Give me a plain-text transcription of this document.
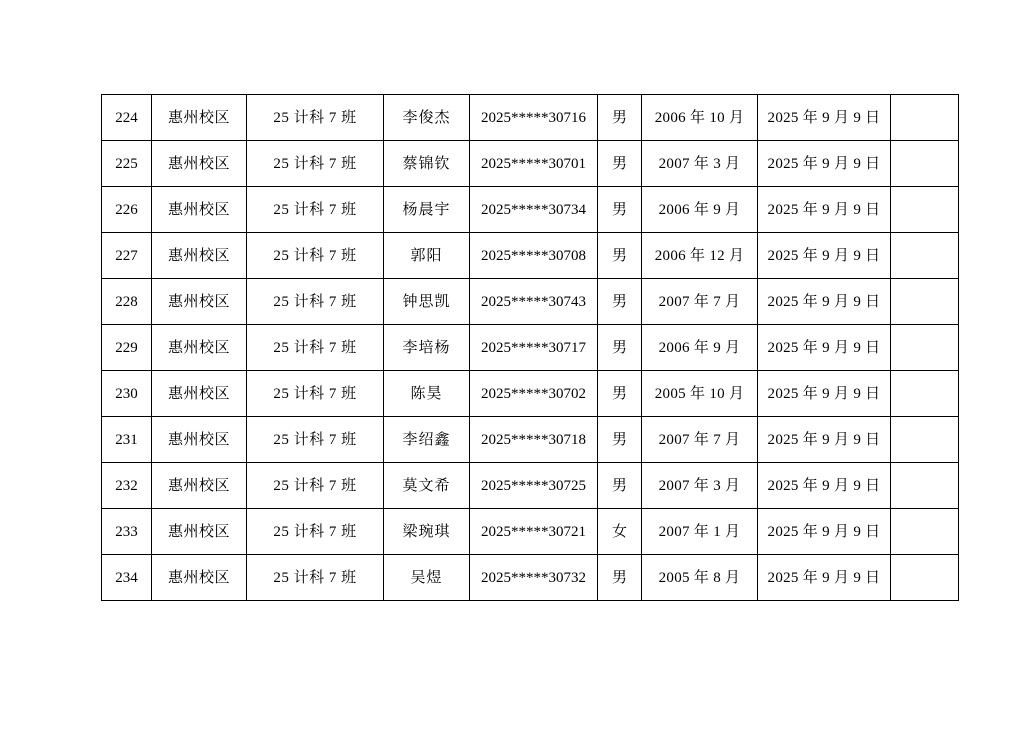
224	惠州校区	25 计科 7 班	李俊杰	2025*****30716	男	2006 年 10 月	2025 年 9 月 9 日	
225	惠州校区	25 计科 7 班	蔡锦钦	2025*****30701	男	2007 年 3 月	2025 年 9 月 9 日	
226	惠州校区	25 计科 7 班	杨晨宇	2025*****30734	男	2006 年 9 月	2025 年 9 月 9 日	
227	惠州校区	25 计科 7 班	郭阳	2025*****30708	男	2006 年 12 月	2025 年 9 月 9 日	
228	惠州校区	25 计科 7 班	钟思凯	2025*****30743	男	2007 年 7 月	2025 年 9 月 9 日	
229	惠州校区	25 计科 7 班	李培杨	2025*****30717	男	2006 年 9 月	2025 年 9 月 9 日	
230	惠州校区	25 计科 7 班	陈昊	2025*****30702	男	2005 年 10 月	2025 年 9 月 9 日	
231	惠州校区	25 计科 7 班	李绍鑫	2025*****30718	男	2007 年 7 月	2025 年 9 月 9 日	
232	惠州校区	25 计科 7 班	莫文希	2025*****30725	男	2007 年 3 月	2025 年 9 月 9 日	
233	惠州校区	25 计科 7 班	梁琬琪	2025*****30721	女	2007 年 1 月	2025 年 9 月 9 日	
234	惠州校区	25 计科 7 班	吴煜	2025*****30732	男	2005 年 8 月	2025 年 9 月 9 日	
